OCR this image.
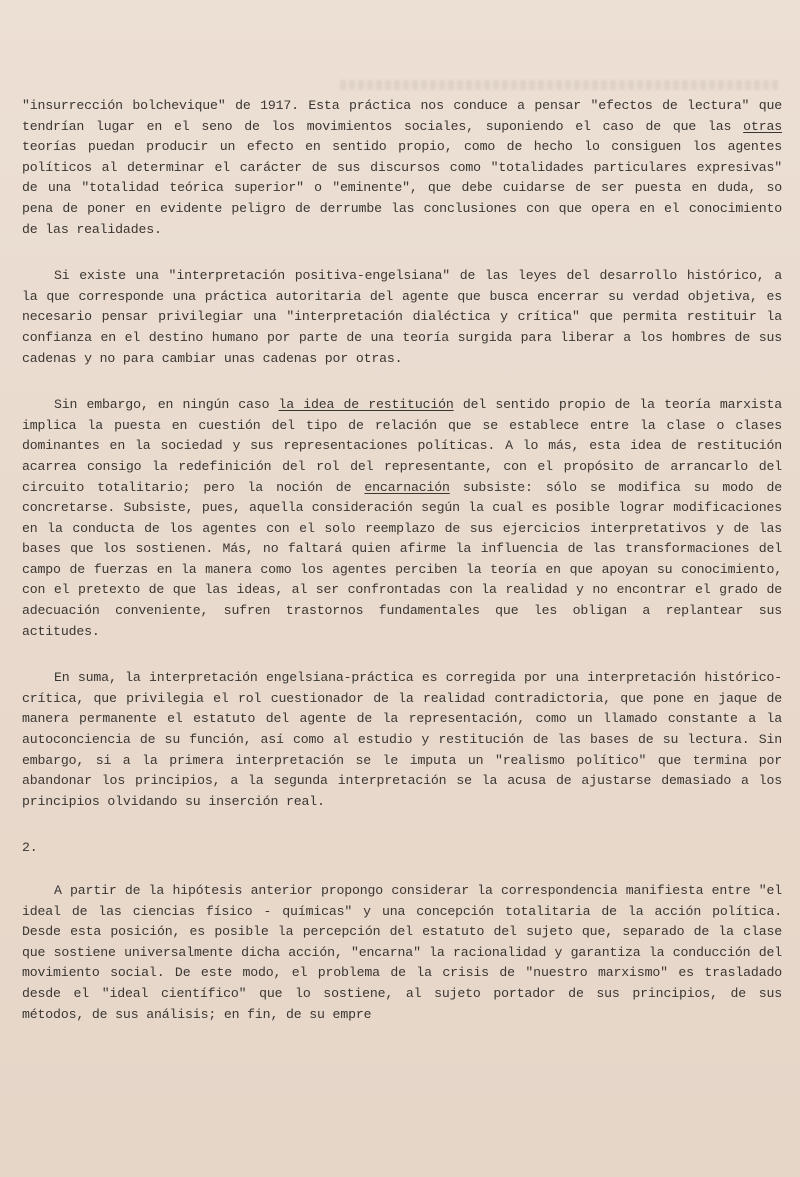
"insurrección bolchevique" de 1917. Esta práctica nos conduce a pensar "efectos de lectura" que tendrían lugar en el seno de los movimientos sociales, suponiendo el caso de que las otras teorías puedan producir un efecto en sentido propio, como de hecho lo consiguen los agentes políticos al determinar el carácter de sus discursos como "totalidades particulares expresivas" de una "totalidad teórica superior" o "eminente", que debe cuidarse de ser puesta en duda, so pena de poner en evidente peligro de derrumbe las conclusiones con que opera en el conocimiento de las realidades.

Si existe una "interpretación positiva-engelsiana" de las leyes del desarrollo histórico, a la que corresponde una práctica autoritaria del agente que busca encerrar su verdad objetiva, es necesario pensar privilegiar una "interpretación dialéctica y crítica" que permita restituir la confianza en el destino humano por parte de una teoría surgida para liberar a los hombres de sus cadenas y no para cambiar unas cadenas por otras.

Sin embargo, en ningún caso la idea de restitución del sentido propio de la teoría marxista implica la puesta en cuestión del tipo de relación que se establece entre la clase o clases dominantes en la sociedad y sus representaciones políticas. A lo más, esta idea de restitución acarrea consigo la redefinición del rol del representante, con el propósito de arrancarlo del circuito totalitario; pero la noción de encarnación subsiste: sólo se modifica su modo de concretarse. Subsiste, pues, aquella consideración según la cual es posible lograr modificaciones en la conducta de los agentes con el solo reemplazo de sus ejercicios interpretativos y de las bases que los sostienen. Más, no faltará quien afirme la influencia de las transformaciones del campo de fuerzas en la manera como los agentes perciben la teoría en que apoyan su conocimiento, con el pretexto de que las ideas, al ser confrontadas con la realidad y no encontrar el grado de adecuación conveniente, sufren trastornos fundamentales que les obligan a replantear sus actitudes.

En suma, la interpretación engelsiana-práctica es corregida por una interpretación histórico-crítica, que privilegia el rol cuestionador de la realidad contradictoria, que pone en jaque de manera permanente el estatuto del agente de la representación, como un llamado constante a la autoconciencia de su función, así como al estudio y restitución de las bases de su lectura. Sin embargo, si a la primera interpretación se le imputa un "realismo político" que termina por abandonar los principios, a la segunda interpretación se la acusa de ajustarse demasiado a los principios olvidando su inserción real.

2.

A partir de la hipótesis anterior propongo considerar la correspondencia manifiesta entre "el ideal de las ciencias físico - químicas" y una concepción totalitaria de la acción política. Desde esta posición, es posible la percepción del estatuto del sujeto que, separado de la clase que sostiene universalmente dicha acción, "encarna" la racionalidad y garantiza la conducción del movimiento social. De este modo, el problema de la crisis de "nuestro marxismo" es trasladado desde el "ideal científico" que lo sostiene, al sujeto portador de sus principios, de sus métodos, de sus análisis; en fin, de su empre
